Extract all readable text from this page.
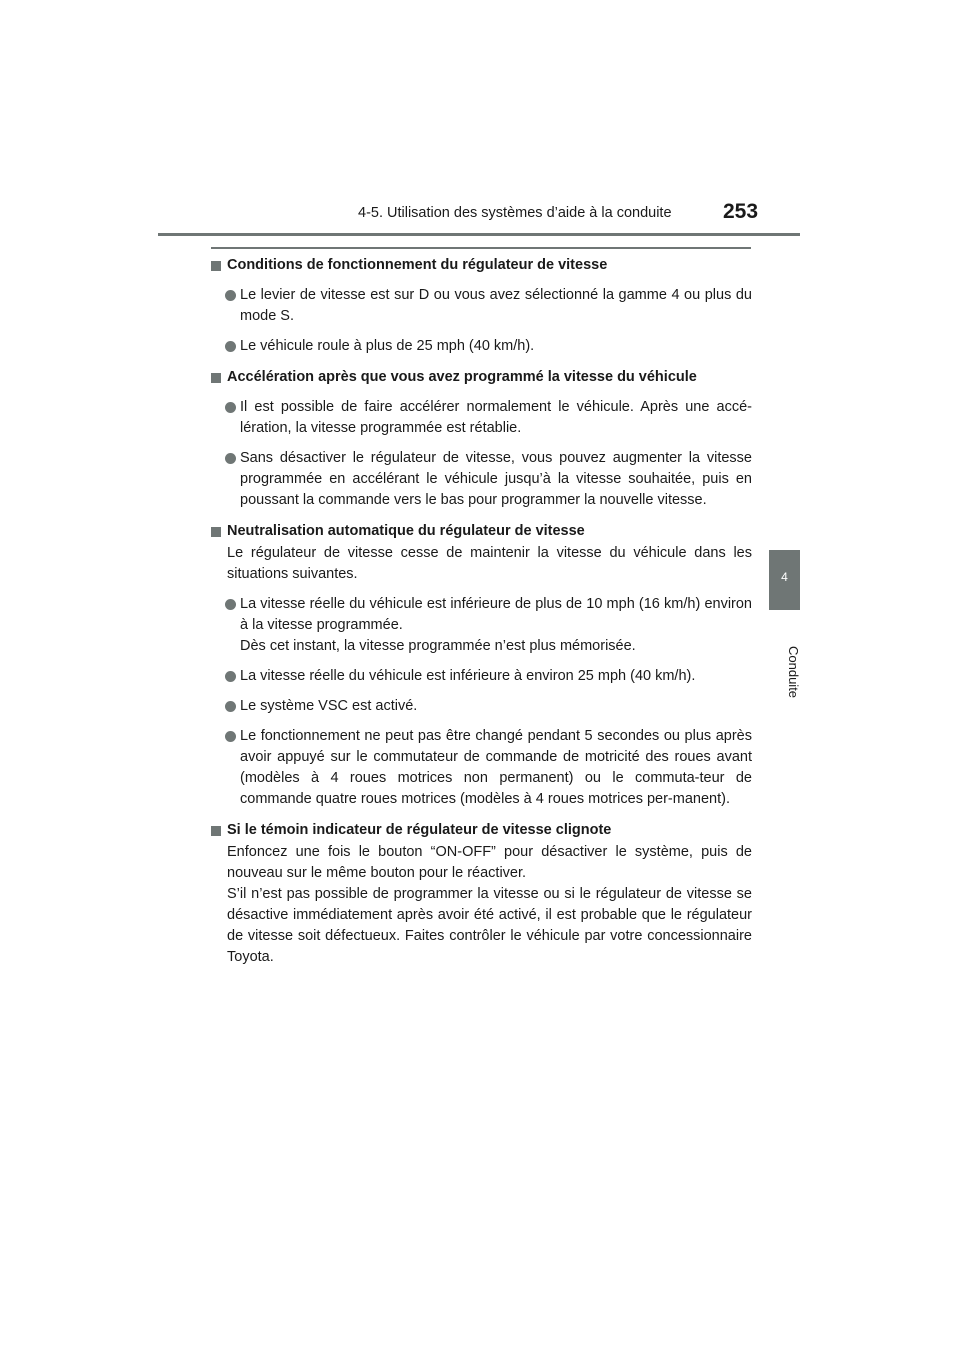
4-5. Utilisation des systèmes d’aide à la conduite 253
4
Conduite
Conditions de fonctionnement du régulateur de vitesse
Le levier de vitesse est sur D ou vous avez sélectionné la gamme 4 ou plus du mode S.
Le véhicule roule à plus de 25 mph (40 km/h).
Accélération après que vous avez programmé la vitesse du véhicule
Il est possible de faire accélérer normalement le véhicule. Après une accé-lération, la vitesse programmée est rétablie.
Sans désactiver le régulateur de vitesse, vous pouvez augmenter la vitesse programmée en accélérant le véhicule jusqu’à la vitesse souhaitée, puis en poussant la commande vers le bas pour programmer la nouvelle vitesse.
Neutralisation automatique du régulateur de vitesse
Le régulateur de vitesse cesse de maintenir la vitesse du véhicule dans les situations suivantes.
La vitesse réelle du véhicule est inférieure de plus de 10 mph (16 km/h) environ à la vitesse programmée.
Dès cet instant, la vitesse programmée n’est plus mémorisée.
La vitesse réelle du véhicule est inférieure à environ 25 mph (40 km/h).
Le système VSC est activé.
Le fonctionnement ne peut pas être changé pendant 5 secondes ou plus après avoir appuyé sur le commutateur de commande de motricité des roues avant (modèles à 4 roues motrices non permanent) ou le commuta-teur de commande quatre roues motrices (modèles à 4 roues motrices per-manent).
Si le témoin indicateur de régulateur de vitesse clignote
Enfoncez une fois le bouton “ON-OFF” pour désactiver le système, puis de nouveau sur le même bouton pour le réactiver.
S’il n’est pas possible de programmer la vitesse ou si le régulateur de vitesse se désactive immédiatement après avoir été activé, il est probable que le régulateur de vitesse soit défectueux. Faites contrôler le véhicule par votre concessionnaire Toyota.
